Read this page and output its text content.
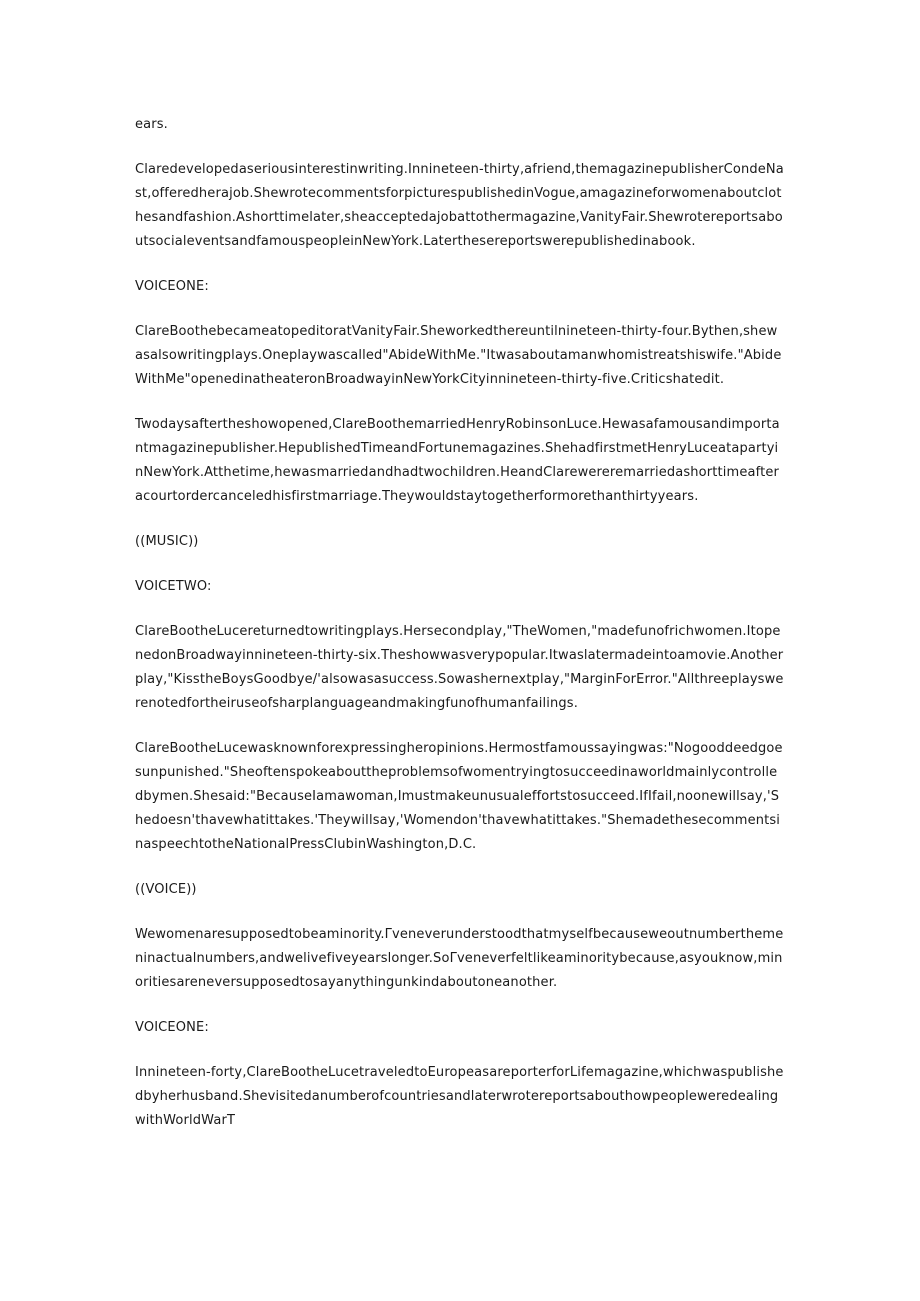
ears.

Claredevelopedaseriousinterestinwriting.Innineteen-thirty‚afriend,themagazinepublisherCondeNast‚offeredherajob.ShewrotecommentsforpicturespublishedinVogue‚amagazineforwomenaboutclothesandfashion.Ashorttimelater,sheacceptedajobattothermagazine,VanityFair.ShewrotereportsaboutsocialeventsandfamouspeopleinNewYork.Laterthesereportswerepublishedinabook.

VOICEONE:

ClareBoothebecameatopeditoratVanityFair.Sheworkedthereuntilnineteen-thirty-four.Bythen‚shewasalsowritingplays.Oneplaywascalled"AbideWithMe."Itwasaboutamanwhomistreatshiswife."AbideWithMe"openedinatheateronBroadwayinNewYorkCityinnineteen-thirty-five.Criticshatedit.

Twodaysaftertheshowopened,ClareBoothemarriedHenryRobinsonLuce.Hewasafamousandimportantmagazinepublisher.HepublishedTimeandFortunemagazines.ShehadfirstmetHenryLuceatapartyinNewYork.Atthetime,hewasmarriedandhadtwochildren.HeandClarewereremarriedashorttimeafteracourtordercanceledhisfirstmarriage.Theywouldstaytogetherformorethanthirtyyears.

((MUSIC))

VOICETWO:

ClareBootheLucereturnedtowritingplays.Hersecondplay‚"TheWomen,"madefunofrichwomen.ItopenedonBroadwayinnineteen-thirty-six.Theshowwasverypopular.Itwaslatermadeintoamovie.Anotherplay,"KisstheBoysGoodbye/'alsowasasuccess.Sowashernextplay‚"MarginForError."Allthreeplayswerenotedfortheiruseofsharplanguageandmakingfunofhumanfailings.

ClareBootheLucewasknownforexpressingheropinions.Hermostfamoussayingwas:"Nogooddeedgoesunpunished."Sheoftenspokeabouttheproblemsofwomentryingtosucceedinaworldmainlycontrolledbymen.Shesaid:"BecauseIamawoman,Imustmakeunusualeffortstosucceed.IfIfail,noonewillsay,'Shedoesn'thavewhatittakes.'Theywillsay,'Womendon'thavewhatittakes."ShemadethesecommentsinaspeechtotheNationalPressClubinWashington,D.C.

((VOICE))

Wewomenaresupposedtobeaminority.Γveneverunderstoodthatmyselfbecauseweoutnumberthemeninactualnumbers,andwelivefiveyearslonger.SoΓveneverfeltlikeaminoritybecause,asyouknow,minoritiesareneversupposedtosayanythingunkindaboutoneanother.

VOICEONE:

Innineteen-forty‚ClareBootheLucetraveledtoEuropeasareporterforLifemagazine,whichwaspublishedbyherhusband.ShevisitedanumberofcountriesandlaterwrotereportsabouthowpeopleweredealingwithWorldWarT
